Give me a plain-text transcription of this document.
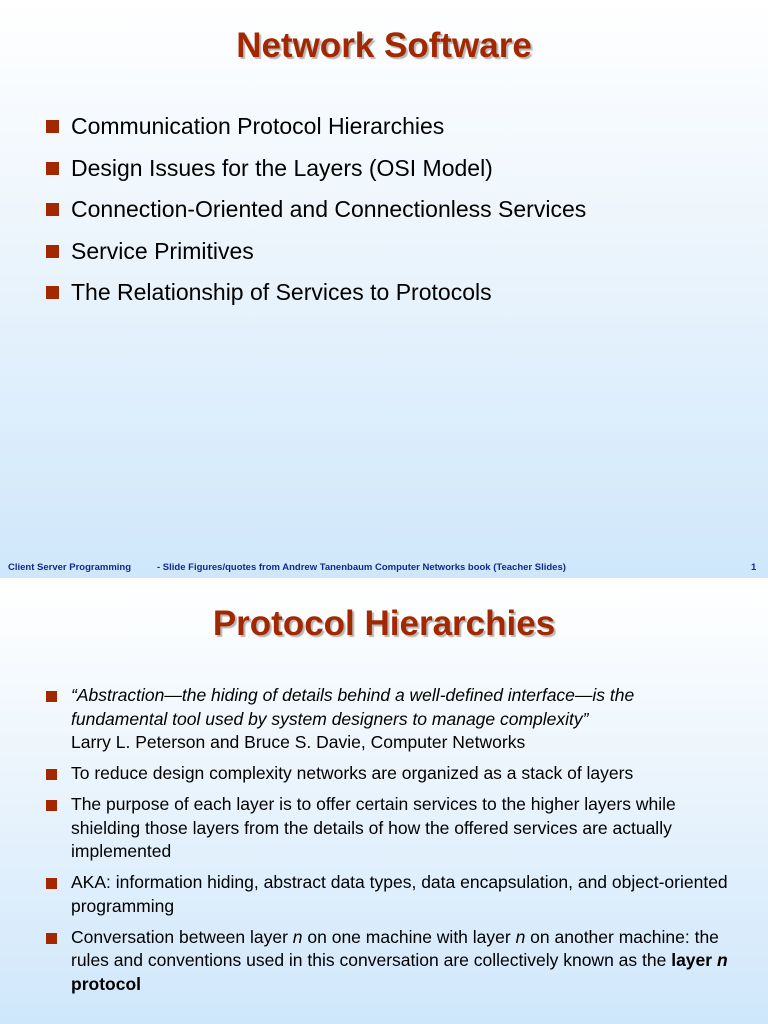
Network Software
Communication Protocol Hierarchies
Design Issues for the Layers (OSI Model)
Connection-Oriented and Connectionless Services
Service Primitives
The Relationship of Services to Protocols
Client Server Programming	- Slide Figures/quotes from Andrew Tanenbaum Computer Networks book (Teacher Slides)	1
Protocol Hierarchies
“Abstraction—the hiding of details behind a well-defined interface—is the
fundamental tool used by system designers to manage complexity”
Larry L. Peterson and Bruce S. Davie, Computer Networks
To reduce design complexity networks are organized as a stack of layers
The purpose of each layer is to offer certain services to the higher layers while shielding those layers from the details of how the offered services are actually implemented
AKA: information hiding, abstract data types, data encapsulation, and object-oriented programming
Conversation between layer n on one machine with layer n on another machine: the rules and conventions used in this conversation are collectively known as the layer n protocol
